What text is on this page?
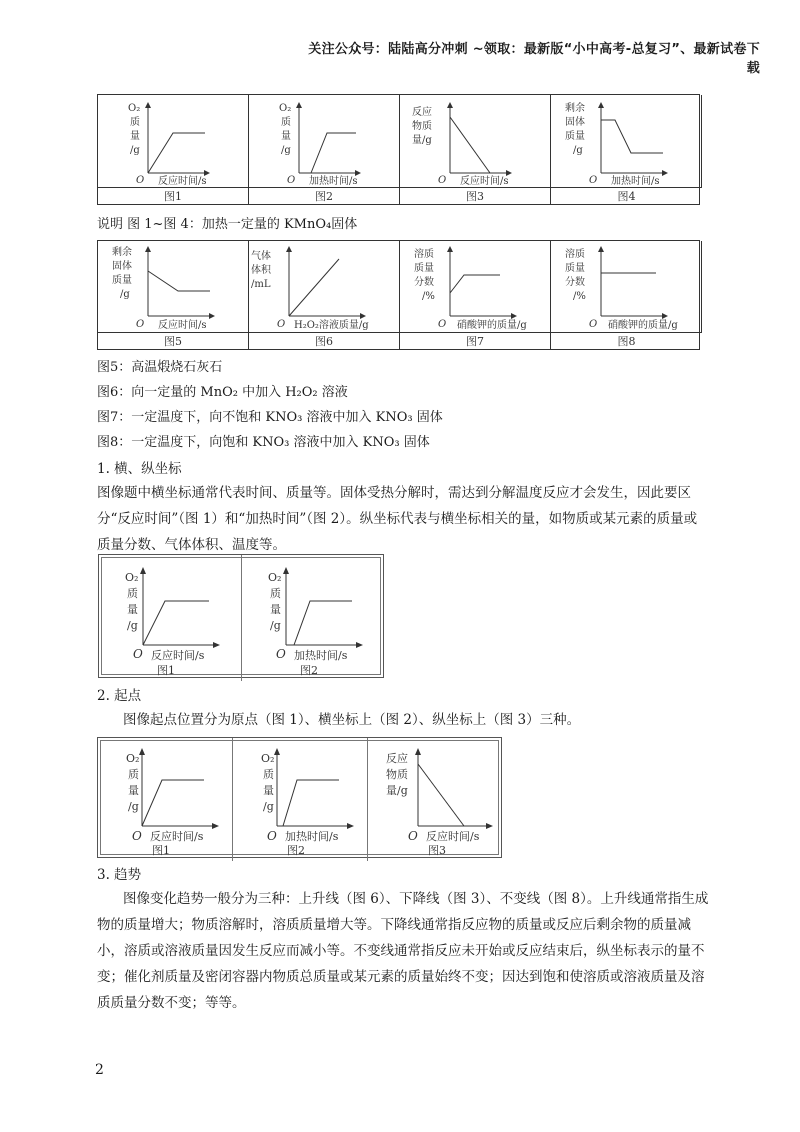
关注公众号：陆陆高分冲刺 ~领取：最新版“小中高考-总复习”、最新试卷下载
O₂
质
量
/g
O 反应时间/s
O₂
质
量
/g
O 加热时间/s
反应
物质
量/g
O 反应时间/s
剩余
固体
质量
/g
O 加热时间/s
图1	图2	图3	图4
说明 图 1~图 4：加热一定量的 KMnO₄固体
剩余
固体
质量
/g
O 反应时间/s
气体
体积
/mL
O H₂O₂溶液质量/g
溶质
质量
分数
/%
O 硝酸钾的质量/g
溶质
质量
分数
/%
O 硝酸钾的质量/g
图5	图6	图7	图8
图5：高温煅烧石灰石
图6：向一定量的 MnO₂ 中加入 H₂O₂ 溶液
图7：一定温度下，向不饱和 KNO₃ 溶液中加入 KNO₃ 固体
图8：一定温度下，向饱和 KNO₃ 溶液中加入 KNO₃ 固体
1. 横、纵坐标
图像题中横坐标通常代表时间、质量等。固体受热分解时，需达到分解温度反应才会发生，因此要区分“反应时间”（图 1）和“加热时间”（图 2）。纵坐标代表与横坐标相关的量，如物质或某元素的质量或质量分数、气体体积、温度等。
O₂
质
量
/g
O 反应时间/s
图1
O₂
质
量
/g
O 加热时间/s
图2
2. 起点
图像起点位置分为原点（图 1）、横坐标上（图 2）、纵坐标上（图 3）三种。
O₂
质
量
/g
O 反应时间/s
图1
O₂
质
量
/g
O 加热时间/s
图2
反应
物质
量/g
O 反应时间/s
图3
3. 趋势
图像变化趋势一般分为三种：上升线（图 6）、下降线（图 3）、不变线（图 8）。上升线通常指生成物的质量增大；物质溶解时，溶质质量增大等。下降线通常指反应物的质量或反应后剩余物的质量减小，溶质或溶液质量因发生反应而减小等。不变线通常指反应未开始或反应结束后，纵坐标表示的量不变；催化剂质量及密闭容器内物质总质量或某元素的质量始终不变；因达到饱和使溶质或溶液质量及溶质质量分数不变；等等。
2
